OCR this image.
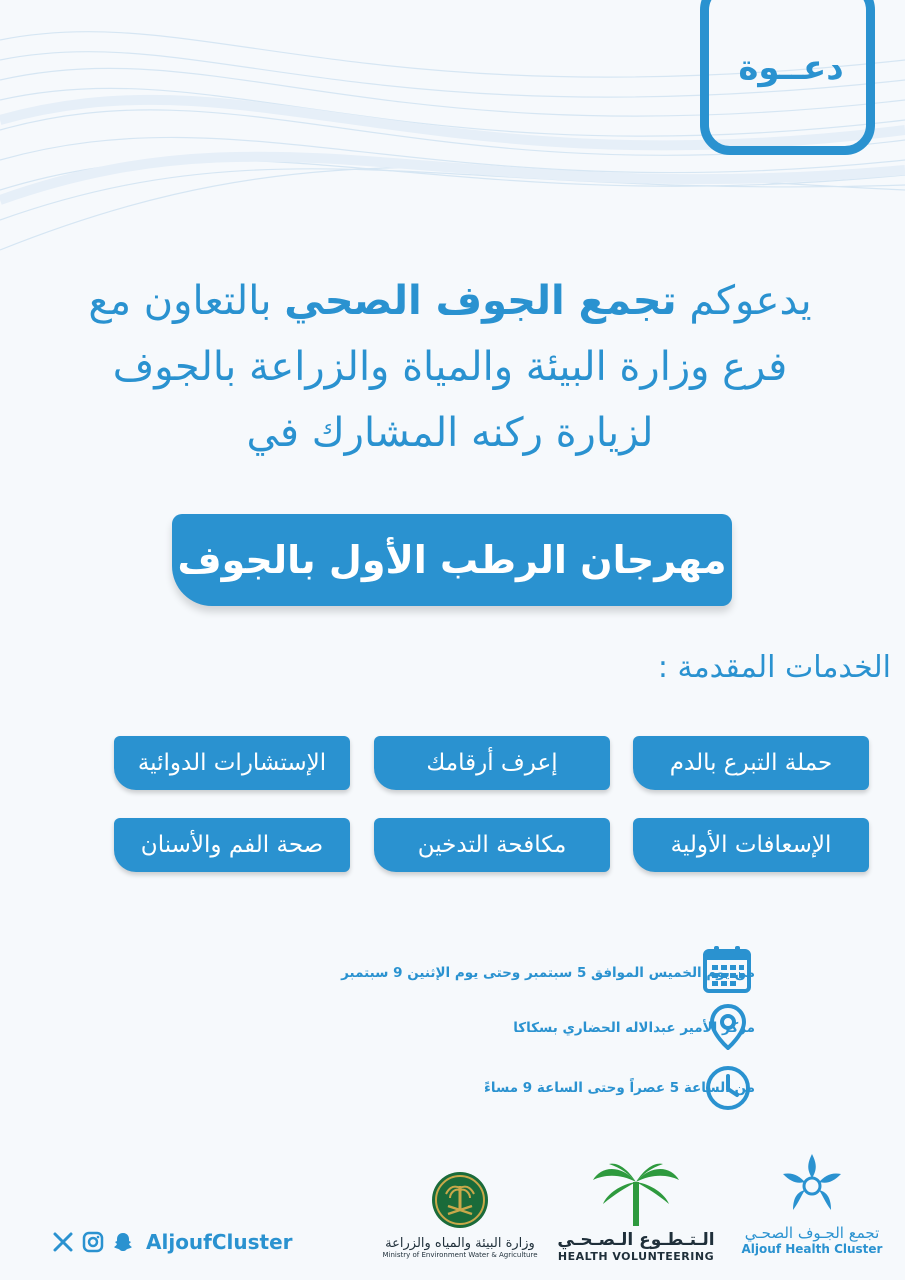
دعــوة
يدعوكم تجمع الجوف الصحي بالتعاون مع
فرع وزارة البيئة والمياة والزراعة بالجوف
لزيارة ركنه المشارك في
مهرجان الرطب الأول بالجوف
الخدمات المقدمة :
حملة التبرع بالدم
إعرف أرقامك
الإستشارات الدوائية
الإسعافات الأولية
مكافحة التدخين
صحة الفم والأسنان
من يوم الخميس الموافق 5 سبتمبر وحتى يوم الإثنين 9 سبتمبر
مركز الأمير عبدالاله الحضاري بسكاكا
من الساعة 5 عصراً وحتى الساعة 9 مساءً
AljoufCluster	وزارة البيئة والمياه والزراعة
Ministry of Environment Water & Agriculture
الـتـطـوع الـصـحـي
HEALTH VOLUNTEERING
تجمع الجـوف الصحـي
Aljouf Health Cluster
